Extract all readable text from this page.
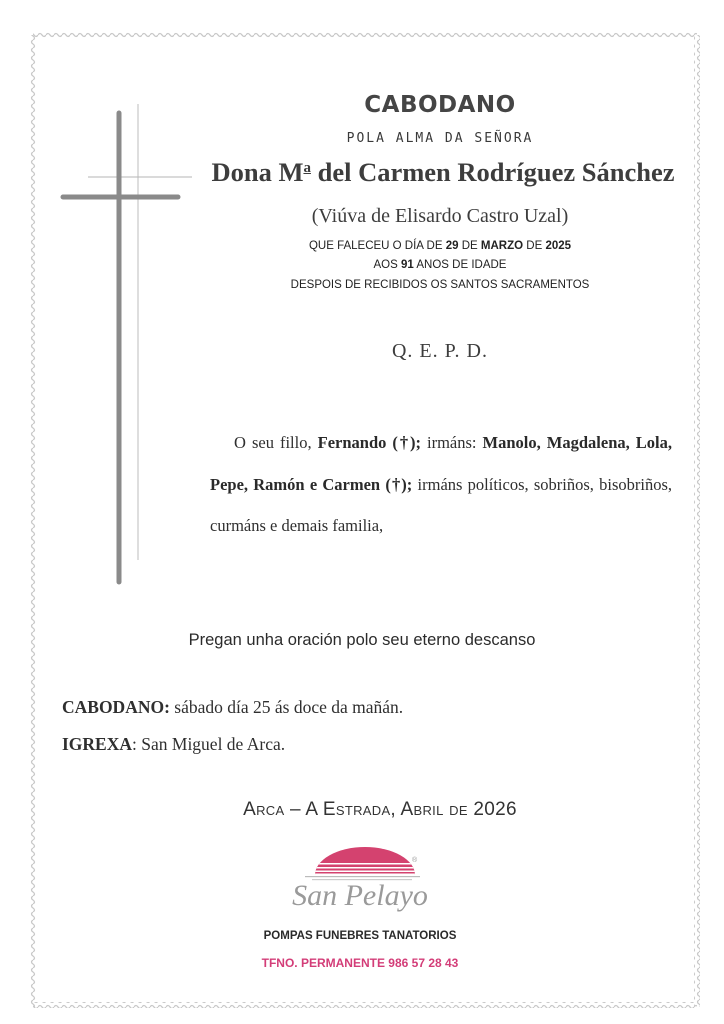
CABODANO
POLA ALMA DA SEÑORA
Dona $M^a$ del Carmen Rodríguez Sánchez
(Viúva de Elisardo Castro Uzal)
QUE FALECEU O DÍA DE 29 DE MARZO DE 2025
AOS 91 ANOS DE IDADE
DESPOIS DE RECIBIDOS OS SANTOS SACRAMENTOS
Q. E. P. D.
O seu fillo, Fernando (†); irmáns: Manolo, Magdalena, Lola, Pepe, Ramón e Carmen (†); irmáns políticos, sobriños, bisobriños, curmáns e demais familia,
Pregan unha oración polo seu eterno descanso
CABODANO: sábado día 25 ás doce da mañán.
IGREXA: San Miguel de Arca.
Arca – A Estrada, Abril de 2026
San Pelayo
®
POMPAS FUNEBRES TANATORIOS
TFNO. PERMANENTE 986 57 28 43
